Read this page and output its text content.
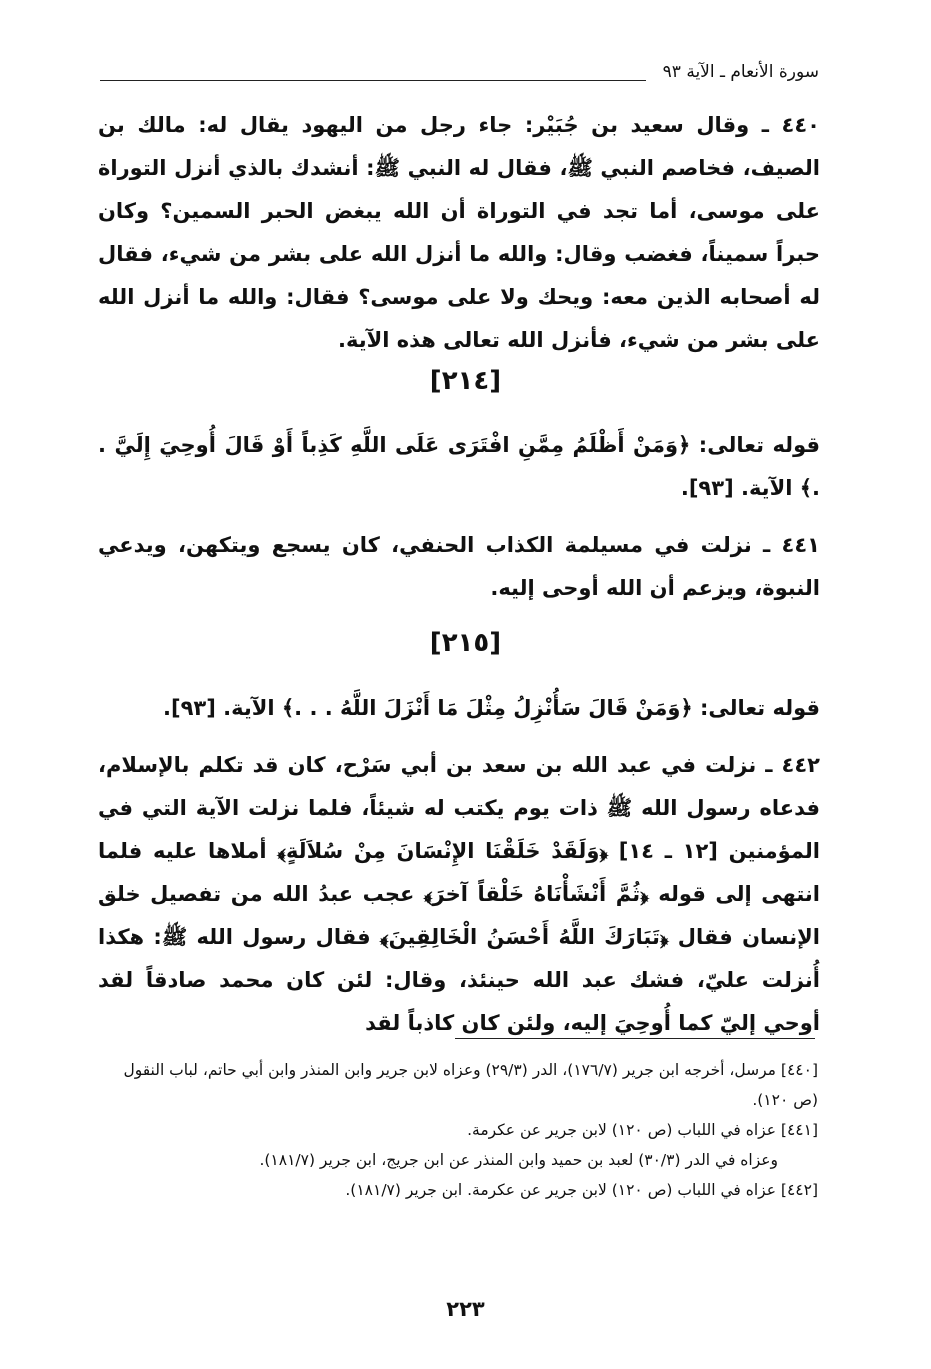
سورة الأنعام ـ الآية ٩٣

٤٤٠ ـ وقال سعيد بن جُبَيْر: جاء رجل من اليهود يقال له: مالك بن الصيف، فخاصم النبي ﷺ، فقال له النبي ﷺ: أنشدك بالذي أنزل التوراة على موسى، أما تجد في التوراة أن الله يبغض الحبر السمين؟ وكان حبراً سميناً، فغضب وقال: والله ما أنزل الله على بشر من شيء، فقال له أصحابه الذين معه: ويحك ولا على موسى؟ فقال: والله ما أنزل الله على بشر من شيء، فأنزل الله تعالى هذه الآية.

[٢١٤]

قوله تعالى: ﴿وَمَنْ أَظْلَمُ مِمَّنِ افْتَرَى عَلَى اللَّهِ كَذِباً أَوْ قَالَ أُوحِيَ إِلَيَّ . .﴾ الآية. [٩٣].

٤٤١ ـ نزلت في مسيلمة الكذاب الحنفي، كان يسجع ويتكهن، ويدعي النبوة، ويزعم أن الله أوحى إليه.

[٢١٥]

قوله تعالى: ﴿وَمَنْ قَالَ سَأُنْزِلُ مِثْلَ مَا أَنْزَلَ اللَّهُ . . .﴾ الآية. [٩٣].

٤٤٢ ـ نزلت في عبد الله بن سعد بن أبي سَرْح، كان قد تكلم بالإسلام، فدعاه رسول الله ﷺ ذات يوم يكتب له شيئاً، فلما نزلت الآية التي في المؤمنين [١٢ ـ ١٤] ﴿وَلَقَدْ خَلَقْنَا الإِنْسَانَ مِنْ سُلاَلَةٍ﴾ أملاها عليه فلما انتهى إلى قوله ﴿ثُمَّ أَنْشَأْنَاهُ خَلْقاً آخرَ﴾ عجب عبدُ الله من تفصيل خلق الإنسان فقال ﴿تَبَارَكَ اللَّهُ أَحْسَنُ الْخَالِقِينَ﴾ فقال رسول الله ﷺ: هكذا أُنزلت عليّ، فشك عبد الله حينئذ، وقال: لئن كان محمد صادقاً لقد أوحي إليّ كما أُوحِيَ إليه، ولئن كان كاذباً لقد

[٤٤٠] مرسل، أخرجه ابن جرير (١٧٦/٧)، الدر (٢٩/٣) وعزاه لابن جرير وابن المنذر وابن أبي حاتم، لباب النقول (ص ١٢٠).

[٤٤١] عزاه في اللباب (ص ١٢٠) لابن جرير عن عكرمة.

وعزاه في الدر (٣٠/٣) لعبد بن حميد وابن المنذر عن ابن جريج، ابن جرير (١٨١/٧).

[٤٤٢] عزاه في اللباب (ص ١٢٠) لابن جرير عن عكرمة. ابن جرير (١٨١/٧).

٢٢٣
